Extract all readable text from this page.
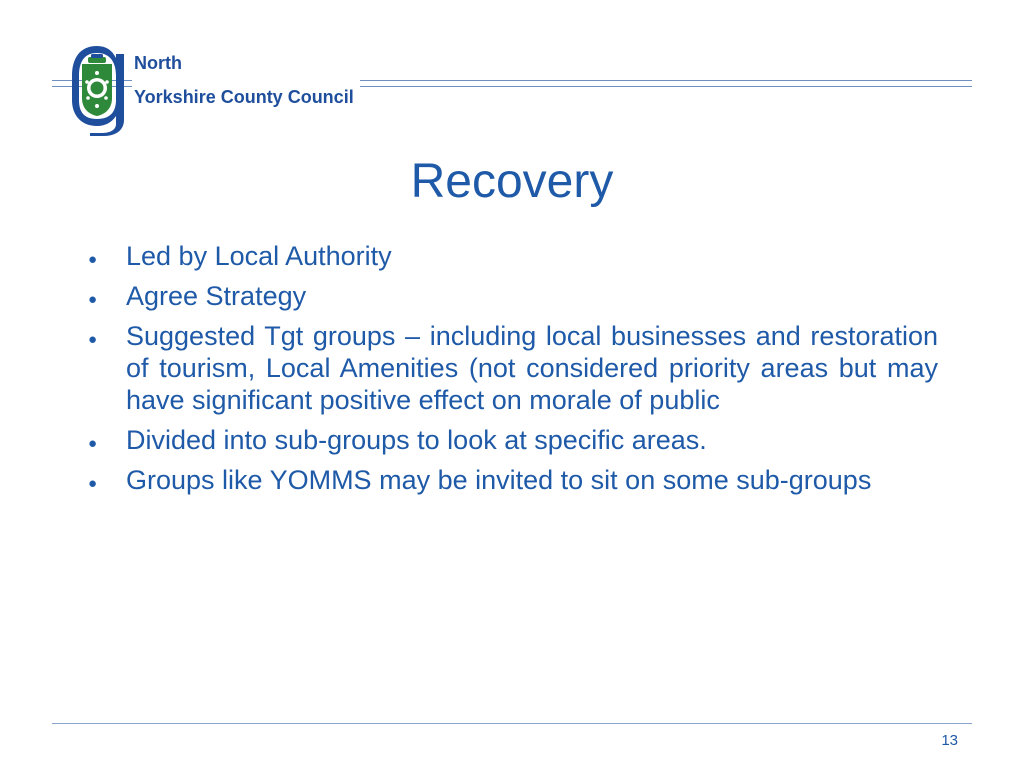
North
Yorkshire County Council
Recovery
● Led by Local Authority
● Agree Strategy
● Suggested Tgt groups – including local businesses and restoration of tourism, Local Amenities (not considered priority areas but may have significant positive effect on morale of public
● Divided into sub-groups to look at specific areas.
● Groups like YOMMS may be invited to sit on some sub-groups
13
